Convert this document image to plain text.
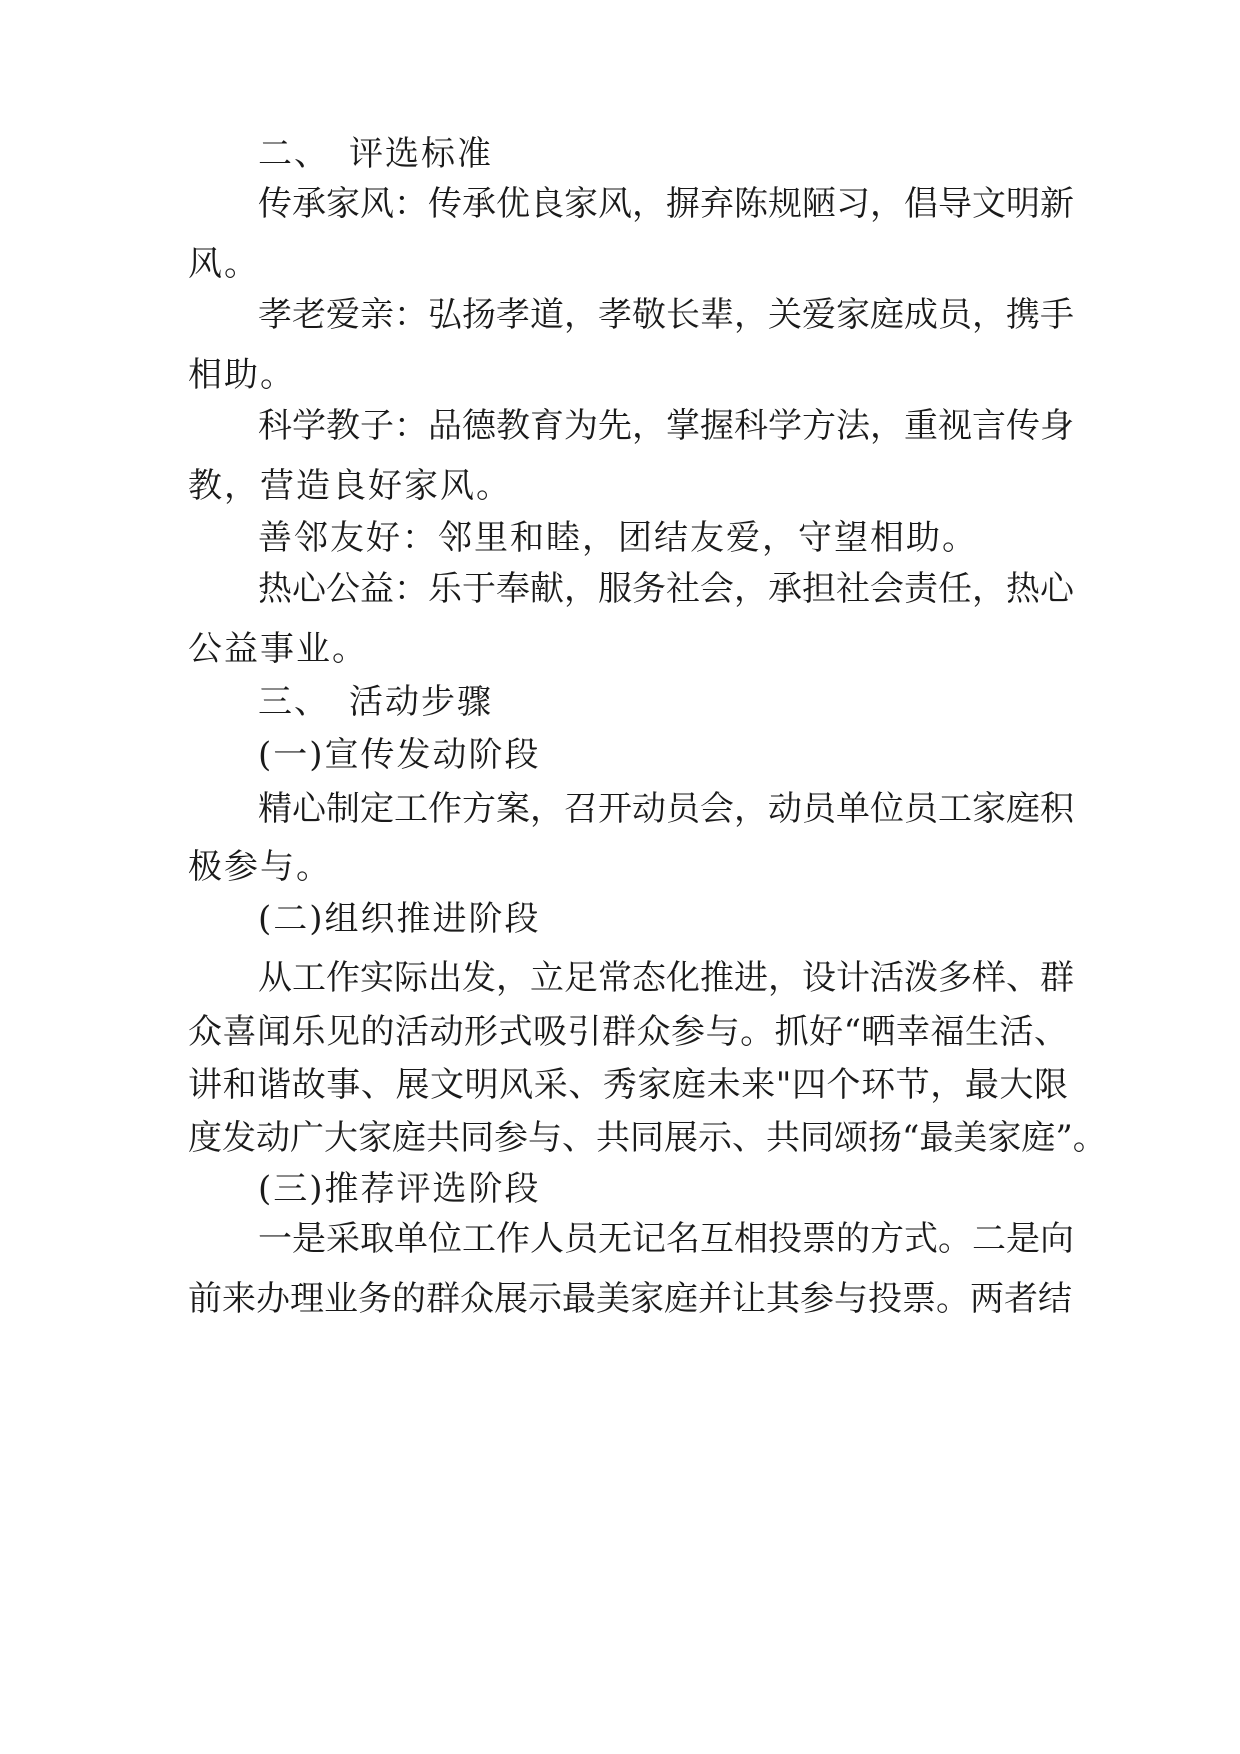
二、　评选标准
传承家风：传承优良家风，摒弃陈规陋习，倡导文明新
风。
孝老爱亲：弘扬孝道，孝敬长辈，关爱家庭成员，携手
相助。
科学教子：品德教育为先，掌握科学方法，重视言传身
教，营造良好家风。
善邻友好：邻里和睦，团结友爱，守望相助。
热心公益：乐于奉献，服务社会，承担社会责任，热心
公益事业。
三、　活动步骤
(一)宣传发动阶段
精心制定工作方案，召开动员会，动员单位员工家庭积
极参与。
(二)组织推进阶段
从工作实际出发，立足常态化推进，设计活泼多样、群
众喜闻乐见的活动形式吸引群众参与。抓好“晒幸福生活、
讲和谐故事、展文明风采、秀家庭未来"四个环节，最大限
度发动广大家庭共同参与、共同展示、共同颂扬“最美家庭”。
(三)推荐评选阶段
一是采取单位工作人员无记名互相投票的方式。二是向
前来办理业务的群众展示最美家庭并让其参与投票。两者结
